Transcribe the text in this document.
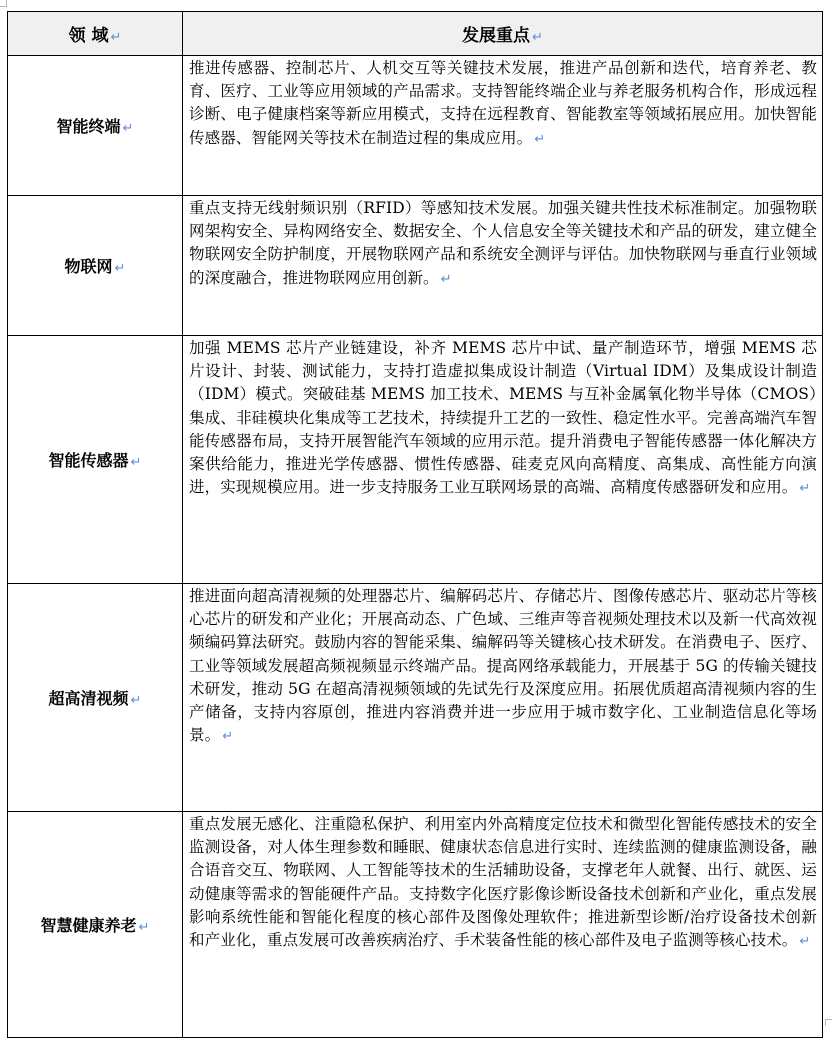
领 域 ↵	发展重点 ↵
智能终端 ↵	推进传感器、控制芯片、人机交互等关键技术发展，推进产品创新和迭代，培育养老、教育、医疗、工业等应用领域的产品需求。支持智能终端企业与养老服务机构合作，形成远程诊断、电子健康档案等新应用模式，支持在远程教育、智能教室等领域拓展应用。加快智能传感器、智能网关等技术在制造过程的集成应用。 ↵
物联网 ↵	重点支持无线射频识别（RFID）等感知技术发展。加强关键共性技术标准制定。加强物联网架构安全、异构网络安全、数据安全、个人信息安全等关键技术和产品的研发，建立健全物联网安全防护制度，开展物联网产品和系统安全测评与评估。加快物联网与垂直行业领域的深度融合，推进物联网应用创新。 ↵
智能传感器 ↵	加强 MEMS 芯片产业链建设，补齐 MEMS 芯片中试、量产制造环节，增强 MEMS 芯片设计、封装、测试能力，支持打造虚拟集成设计制造（Virtual IDM）及集成设计制造（IDM）模式。突破硅基 MEMS 加工技术、MEMS 与互补金属氧化物半导体（CMOS）集成、非硅模块化集成等工艺技术，持续提升工艺的一致性、稳定性水平。完善高端汽车智能传感器布局，支持开展智能汽车领域的应用示范。提升消费电子智能传感器一体化解决方案供给能力，推进光学传感器、惯性传感器、硅麦克风向高精度、高集成、高性能方向演进，实现规模应用。进一步支持服务工业互联网场景的高端、高精度传感器研发和应用。 ↵
超高清视频 ↵	推进面向超高清视频的处理器芯片、编解码芯片、存储芯片、图像传感芯片、驱动芯片等核心芯片的研发和产业化；开展高动态、广色域、三维声等音视频处理技术以及新一代高效视频编码算法研究。鼓励内容的智能采集、编解码等关键核心技术研发。在消费电子、医疗、工业等领域发展超高频视频显示终端产品。提高网络承载能力，开展基于 5G 的传输关键技术研发，推动 5G 在超高清视频领域的先试先行及深度应用。拓展优质超高清视频内容的生产储备，支持内容原创，推进内容消费并进一步应用于城市数字化、工业制造信息化等场景。 ↵
智慧健康养老 ↵	重点发展无感化、注重隐私保护、利用室内外高精度定位技术和微型化智能传感技术的安全监测设备，对人体生理参数和睡眠、健康状态信息进行实时、连续监测的健康监测设备，融合语音交互、物联网、人工智能等技术的生活辅助设备，支撑老年人就餐、出行、就医、运动健康等需求的智能硬件产品。支持数字化医疗影像诊断设备技术创新和产业化，重点发展影响系统性能和智能化程度的核心部件及图像处理软件；推进新型诊断/治疗设备技术创新和产业化，重点发展可改善疾病治疗、手术装备性能的核心部件及电子监测等核心技术。 ↵
